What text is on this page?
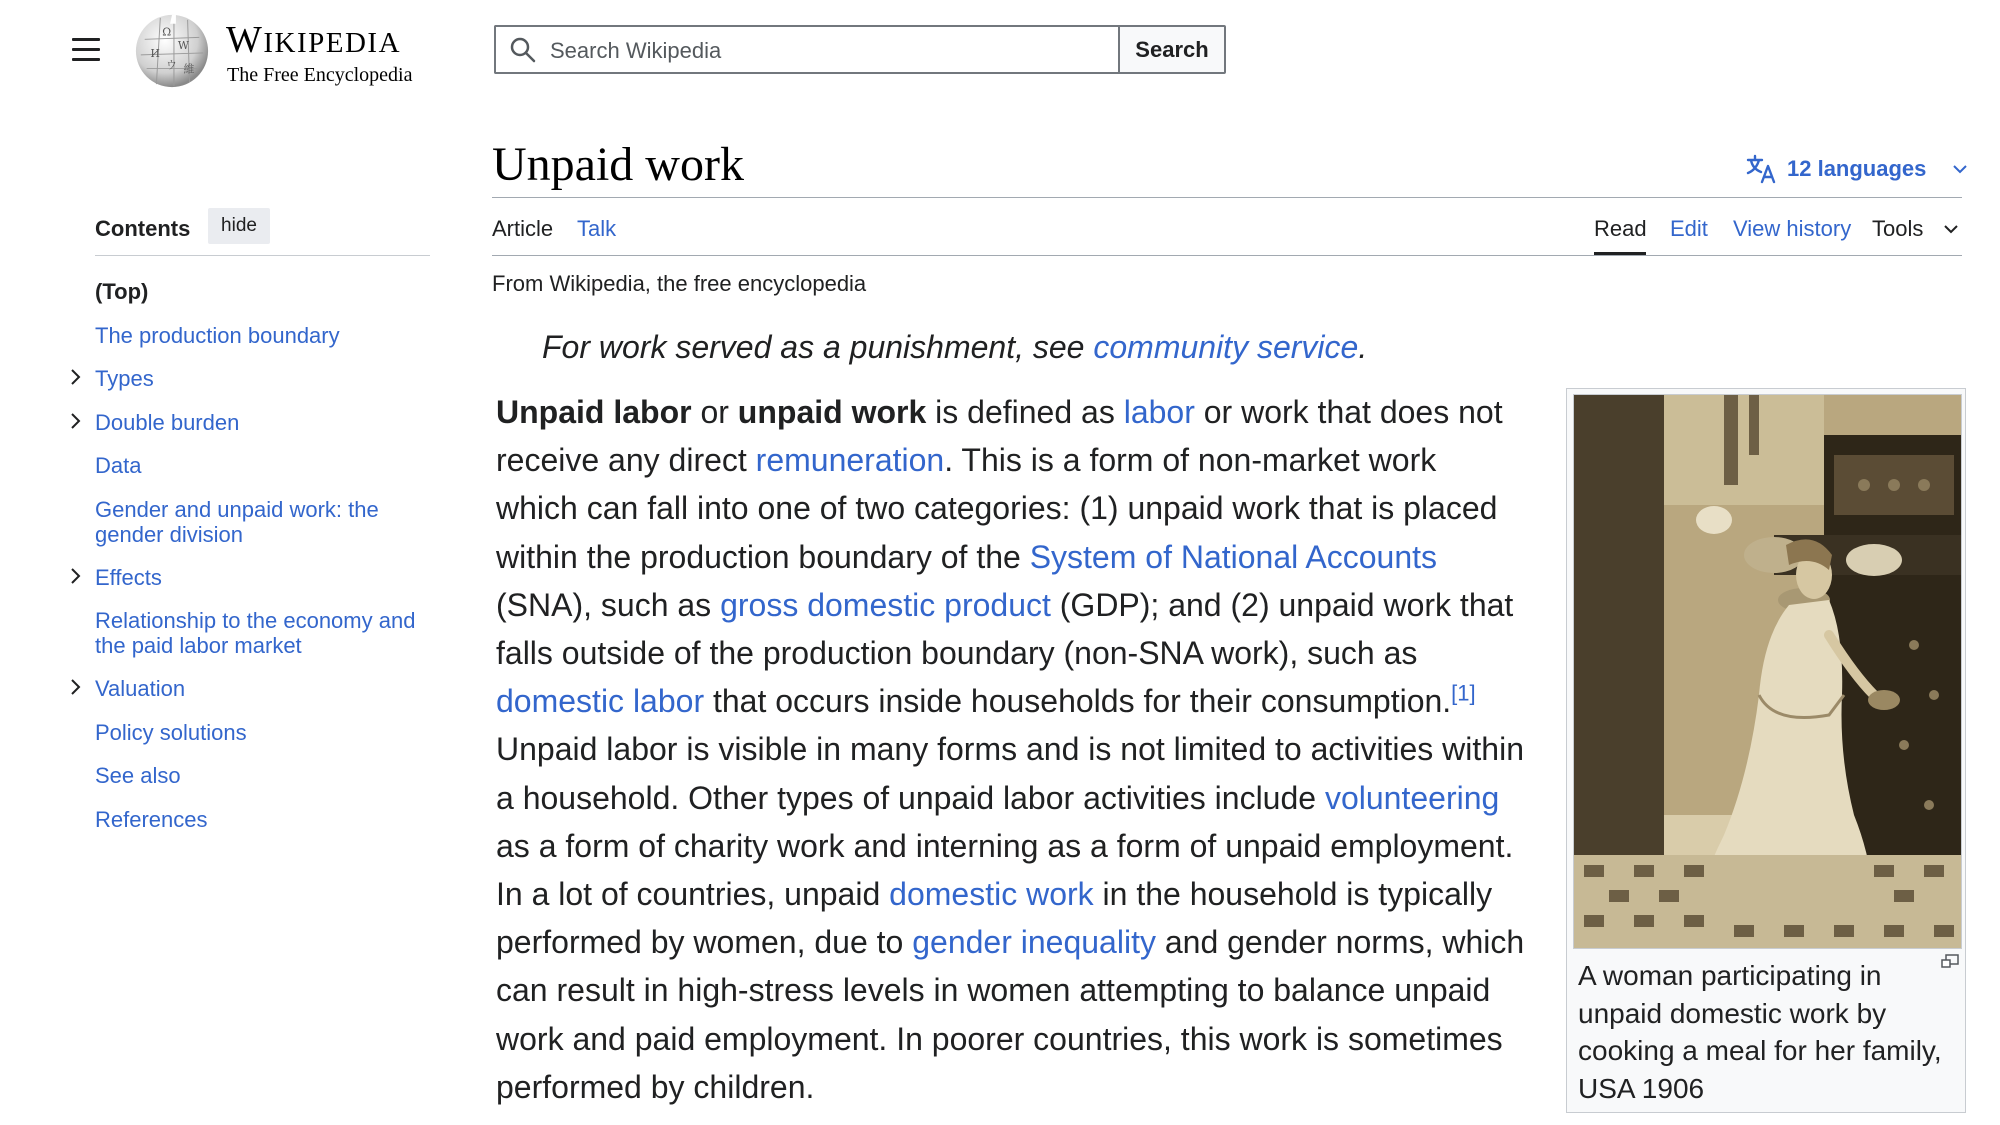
Ω
W
И
ウ 維
WIKIPEDIA
The Free Encyclopedia
Search Wikipedia
Search
Unpaid work	12 languages
Article Talk	Read Edit View history Tools
From Wikipedia, the free encyclopedia
For work served as a punishment, see community service.

Unpaid labor or unpaid work is defined as labor or work that does not receive any direct remuneration. This is a form of non-market work which can fall into one of two categories: (1) unpaid work that is placed within the production boundary of the System of National Accounts (SNA), such as gross domestic product (GDP); and (2) unpaid work that falls outside of the production boundary (non-SNA work), such as domestic labor that occurs inside households for their consumption.[1] Unpaid labor is visible in many forms and is not limited to activities within a household. Other types of unpaid labor activities include volunteering as a form of charity work and interning as a form of unpaid employment. In a lot of countries, unpaid domestic work in the household is typically performed by women, due to gender inequality and gender norms, which can result in high-stress levels in women attempting to balance unpaid work and paid employment. In poorer countries, this work is sometimes performed by children.

A woman participating in unpaid domestic work by cooking a meal for her family, USA 1906
Contents	hide
(Top)
The production boundary
Types
Double burden
Data
Gender and unpaid work: the gender division
Effects
Relationship to the economy and the paid labor market
Valuation
Policy solutions
See also
References
